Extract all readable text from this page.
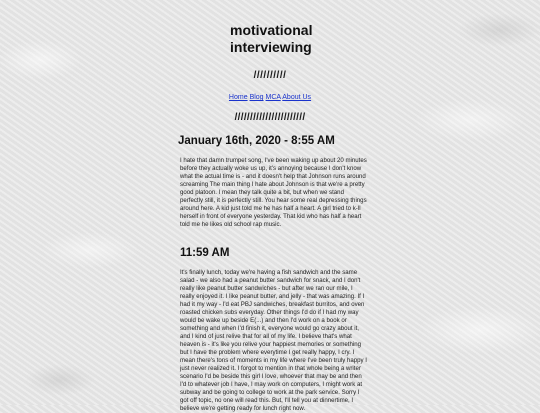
motivational
interviewing
//////////
Home Blog MCA About Us
///////////////////////
January 16th, 2020 - 8:55 AM
I hate that damn trumpet song, I've been waking up about 20 minutes before they actually woke us up, it's annoying because I don't know what the actual time is - and it doesn't help that Johnson runs around screaming The main thing I hate about Johnson is that we're a pretty good platoon. I mean they talk quite a bit, but when we stand perfectly still, it is perfectly still. You hear some real depressing things around here. A kid just told me he has half a heart. A girl tried to k-ll herself in front of everyone yesterday. That kid who has half a heart told me he likes old school rap music.
11:59 AM
It's finally lunch, today we're having a fish sandwich and the same salad - we also had a peanut butter sandwich for snack, and I don't really like peanut butter sandwiches - but after we ran our mile, I really enjoyed it. I like peanut butter, and jelly - that was amazing. If I had it my way - I'd eat PBJ sandwiches, breakfast burritos, and oven roasted chicken subs everyday. Other things I'd do if I had my way would be wake up beside E(...) and then I'd work on a book or something and when I'd finish it, everyone would go crazy about it, and I kind of just relive that for all of my life. I believe that's what heaven is - it's like you relive your happiest memories or something but I have the problem where everytime I get really happy, I cry. I mean there's tons of moments in my life where I've been truly happy I just never realized it. I forgot to mention in that whole being a writer scenario I'd be beside this girl I love, whoever that may be and then I'd to whatever job I have, I may work on computers, I might work at subway and be going to college to work at the park service. Sorry I got off topic, no one will read this. But, I'll tell you at dinnertime, I believe we're getting ready for lunch right now.
